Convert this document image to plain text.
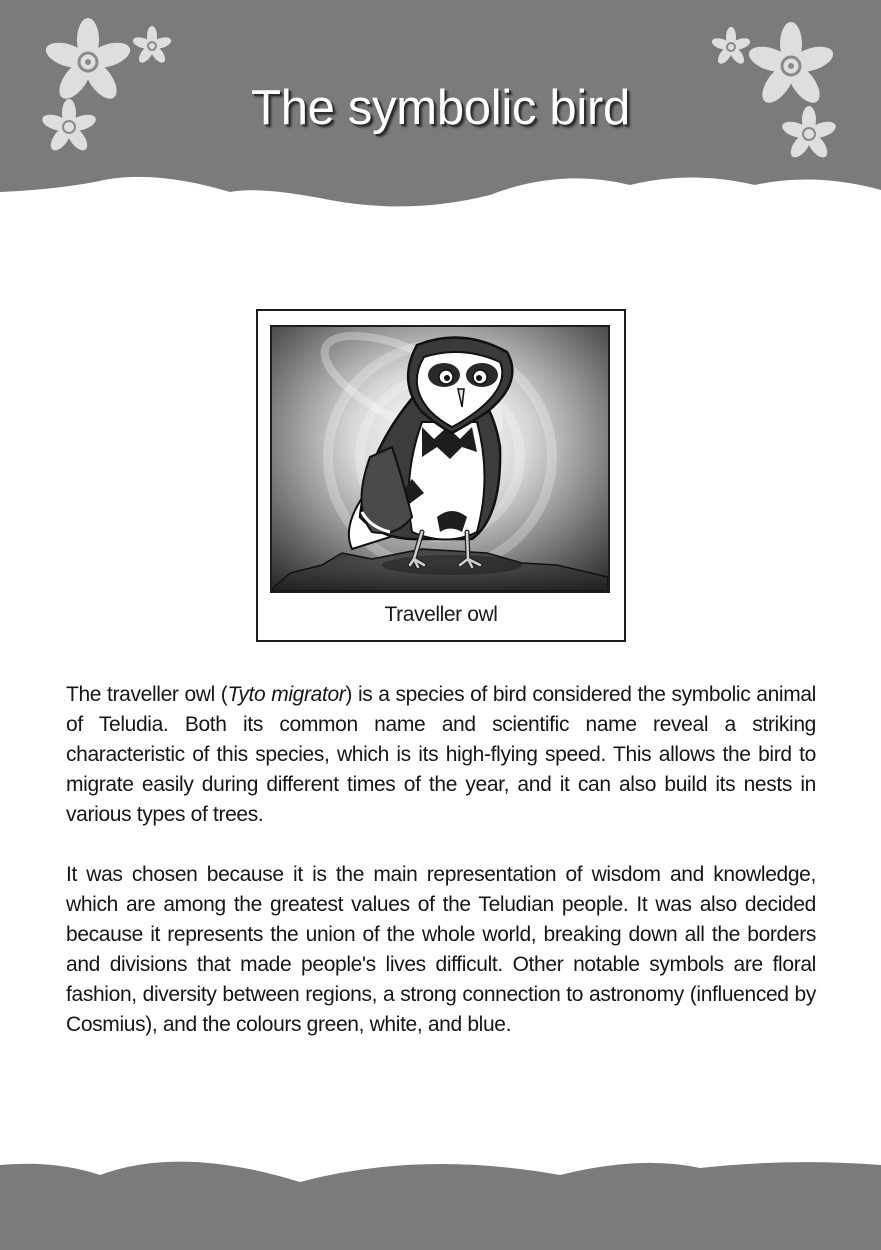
The symbolic bird
Traveller owl

The traveller owl (Tyto migrator) is a species of bird considered the symbolic animal of Teludia. Both its common name and scientific name reveal a striking characteristic of this species, which is its high-flying speed. This allows the bird to migrate easily during different times of the year, and it can also build its nests in various types of trees.

It was chosen because it is the main representation of wisdom and knowledge, which are among the greatest values of the Teludian people. It was also decided because it represents the union of the whole world, breaking down all the borders and divisions that made people's lives difficult. Other notable symbols are floral fashion, diversity between regions, a strong connection to astronomy (influenced by Cosmius), and the colours green, white, and blue.
